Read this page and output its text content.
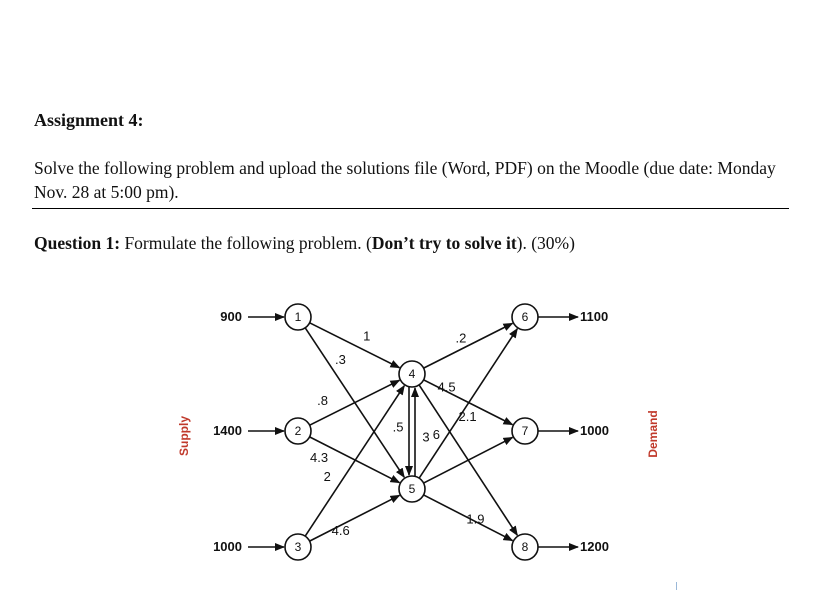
Assignment 4:
Solve the following problem and upload the solutions file (Word, PDF) on the Moodle (due date: Monday Nov. 28 at 5:00 pm).
Question 1: Formulate the following problem. (Don’t try to solve it). (30%)
1
2
3
4
5
6
7
8
900
1400
1000
1100
1000
1200
1
.3
.8
4.3
2
4.6
.5
3
.2
4.5
6
2.1
1.9
Supply	Demand
